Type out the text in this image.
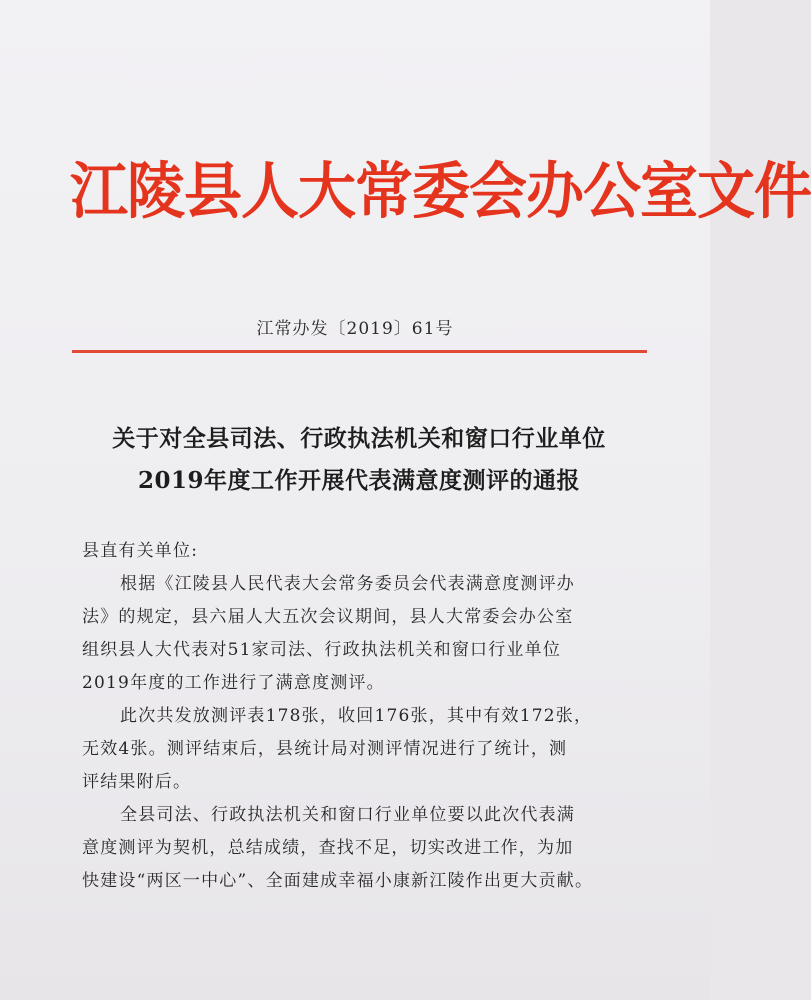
江陵县人大常委会办公室文件
江常办发〔2019〕61号
关于对全县司法、行政执法机关和窗口行业单位
2019年度工作开展代表满意度测评的通报
县直有关单位:
根据《江陵县人民代表大会常务委员会代表满意度测评办
法》的规定，县六届人大五次会议期间，县人大常委会办公室
组织县人大代表对51家司法、行政执法机关和窗口行业单位
2019年度的工作进行了满意度测评。
此次共发放测评表178张，收回176张，其中有效172张，
无效4张。测评结束后，县统计局对测评情况进行了统计，测
评结果附后。
全县司法、行政执法机关和窗口行业单位要以此次代表满
意度测评为契机，总结成绩，查找不足，切实改进工作，为加
快建设“两区一中心”、全面建成幸福小康新江陵作出更大贡献。
